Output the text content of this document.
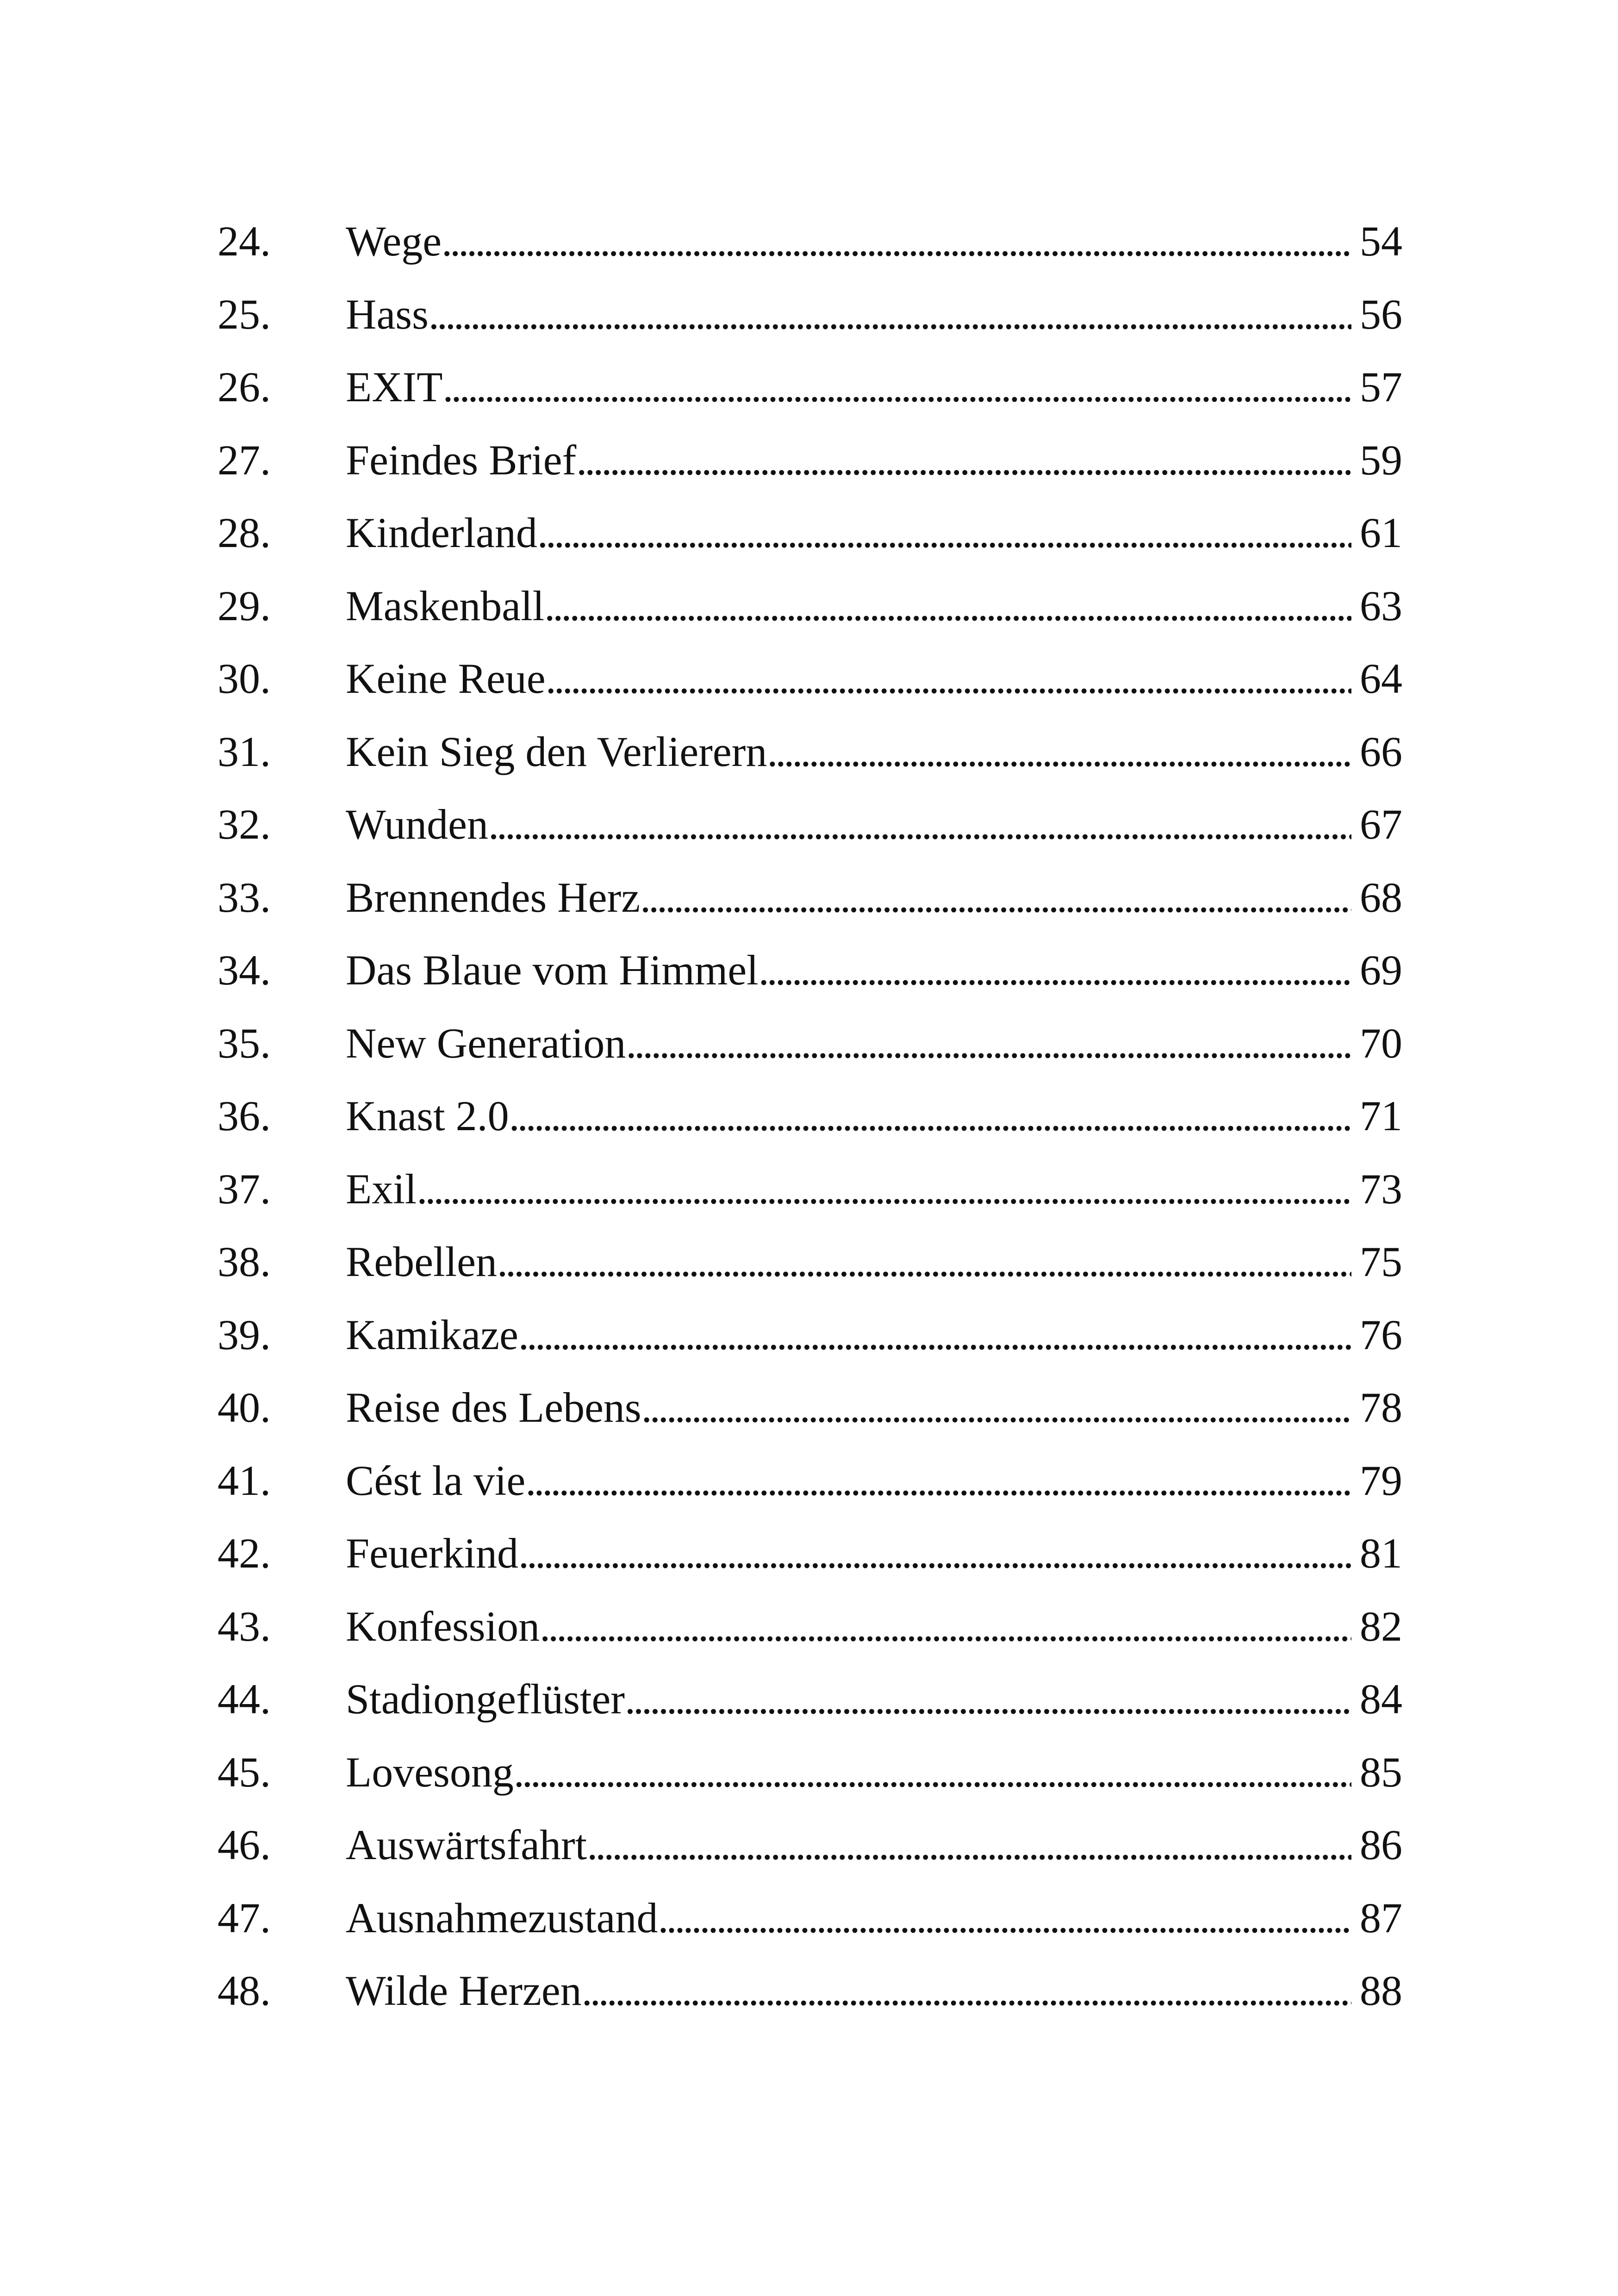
24. Wege . . .	54
25. Hass . . .	56
26. EXIT . . .	57
27. Feindes Brief . . .	59
28. Kinderland . . .	61
29. Maskenball . . .	63
30. Keine Reue . . .	64
31. Kein Sieg den Verlierern . . .	66
32. Wunden . . .	67
33. Brennendes Herz . . .	68
34. Das Blaue vom Himmel . . .	69
35. New Generation . . .	70
36. Knast 2.0 . . .	71
37. Exil . . .	73
38. Rebellen . . .	75
39. Kamikaze . . .	76
40. Reise des Lebens . . .	78
41. Cést la vie . . .	79
42. Feuerkind . . .	81
43. Konfession . . .	82
44. Stadiongeflüster . . .	84
45. Lovesong . . .	85
46. Auswärtsfahrt . . .	86
47. Ausnahmezustand . . .	87
48. Wilde Herzen . . .	88
